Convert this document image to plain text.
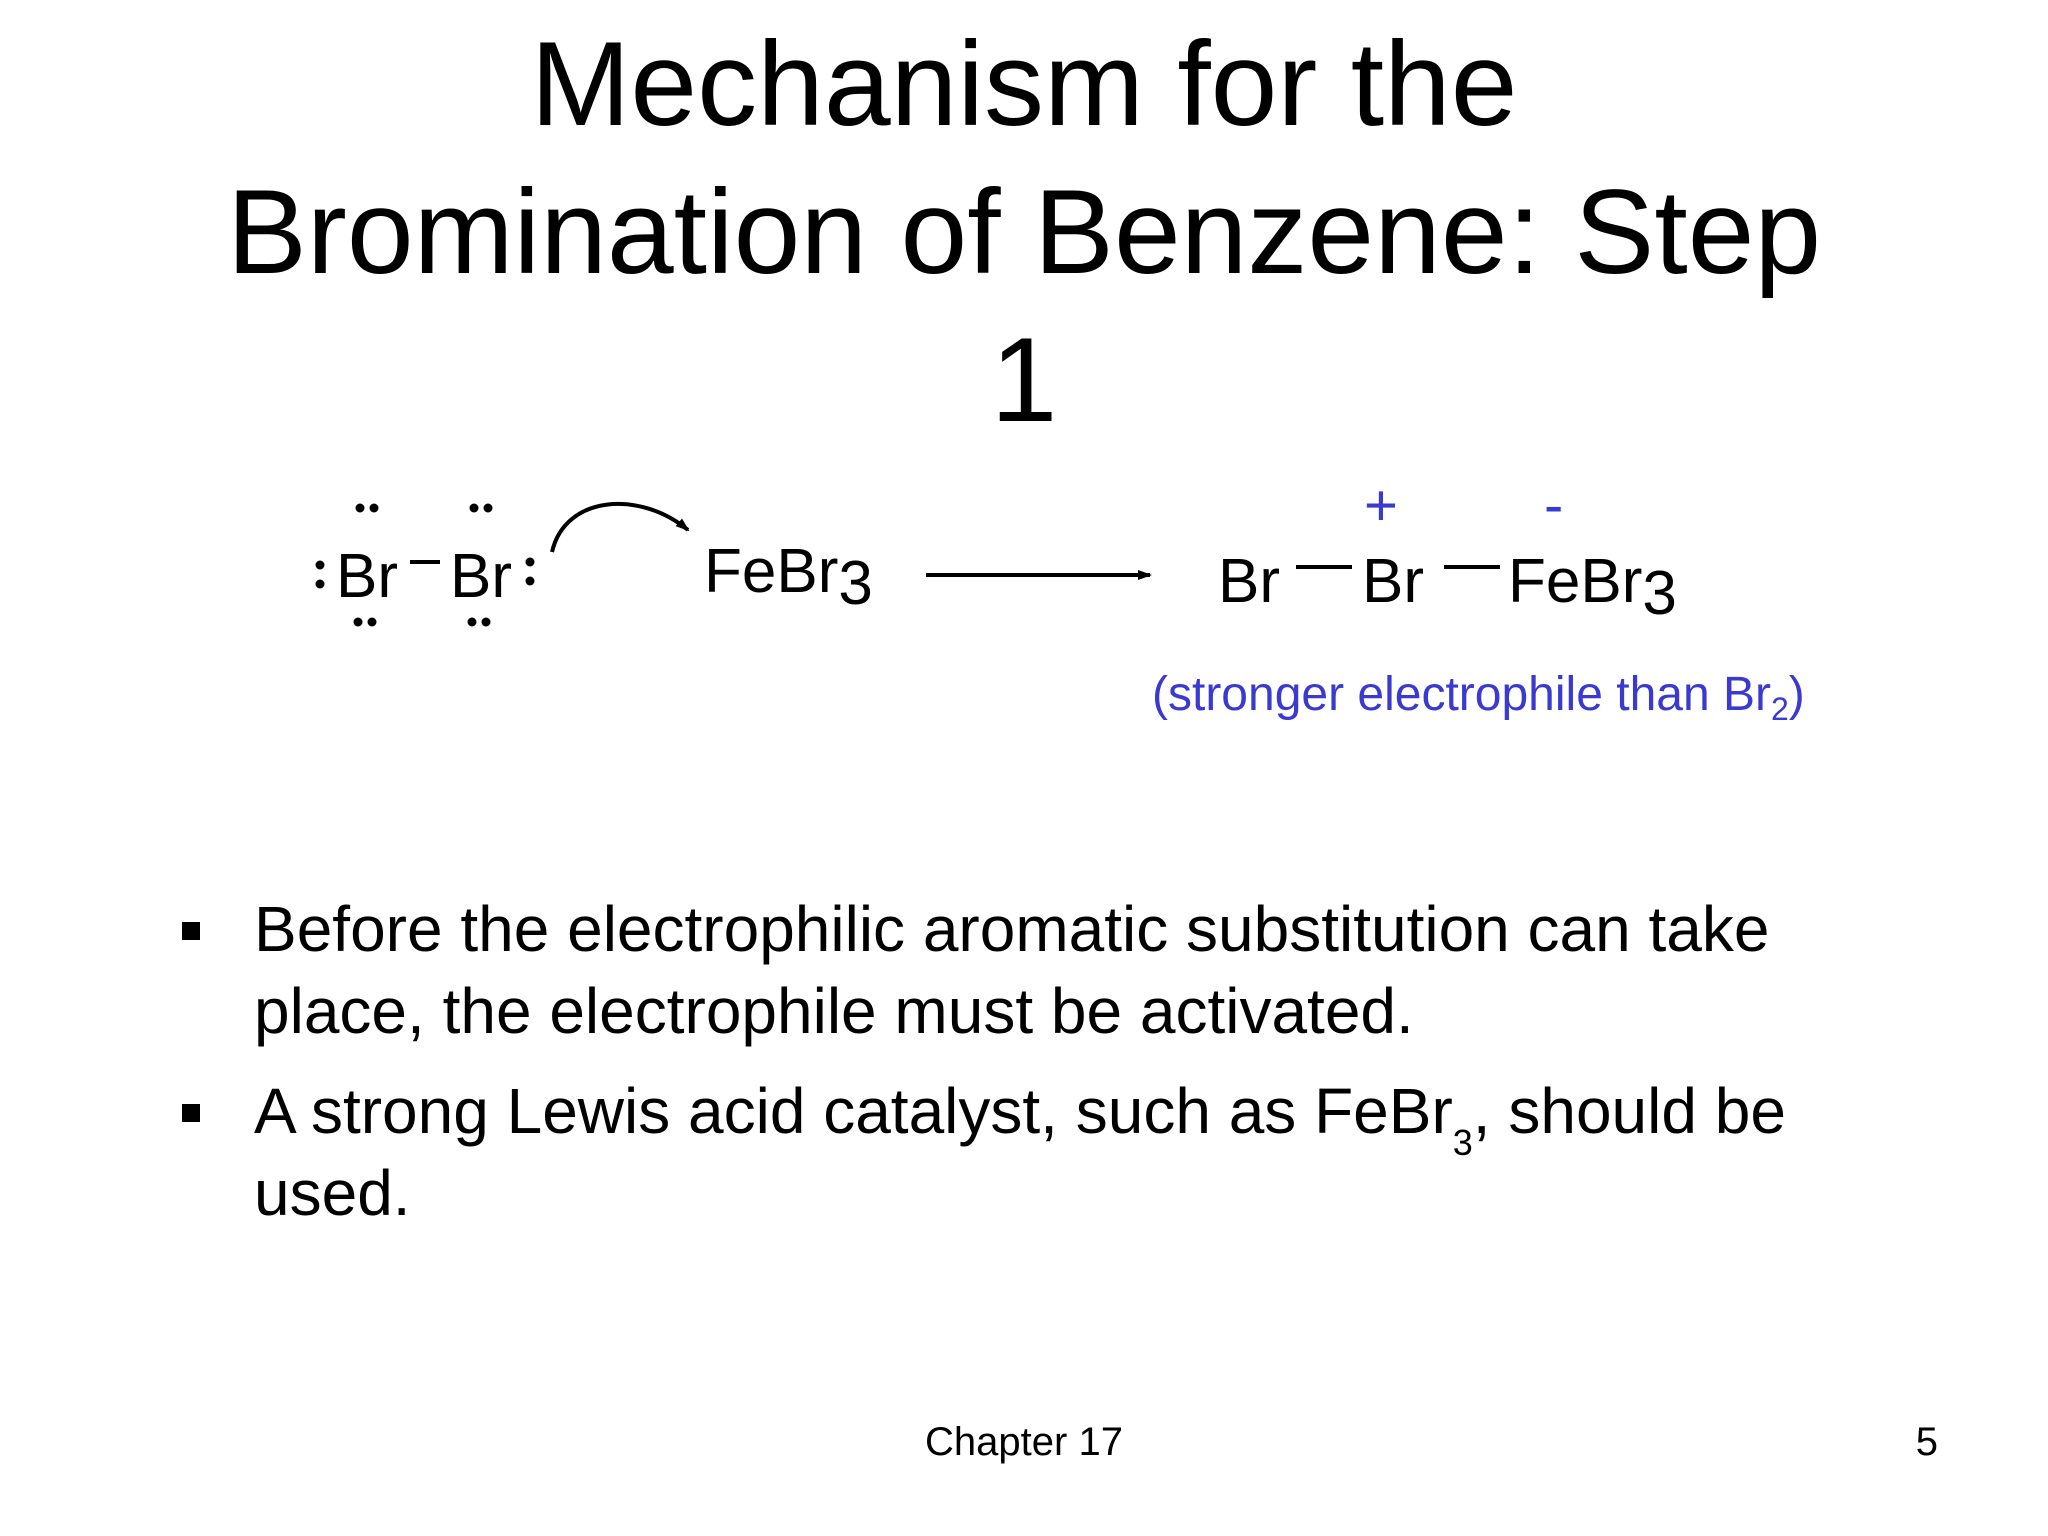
Mechanism for the
Bromination of Benzene: Step
1
Br Br	FeBr3	Br
+
Br
-
FeBr3
(stronger electrophile than $Br_2$)
Before the electrophilic aromatic substitution can take place, the electrophile must be activated.
A strong Lewis acid catalyst, such as FeBr$_3$, should be used.
Chapter 17	5
